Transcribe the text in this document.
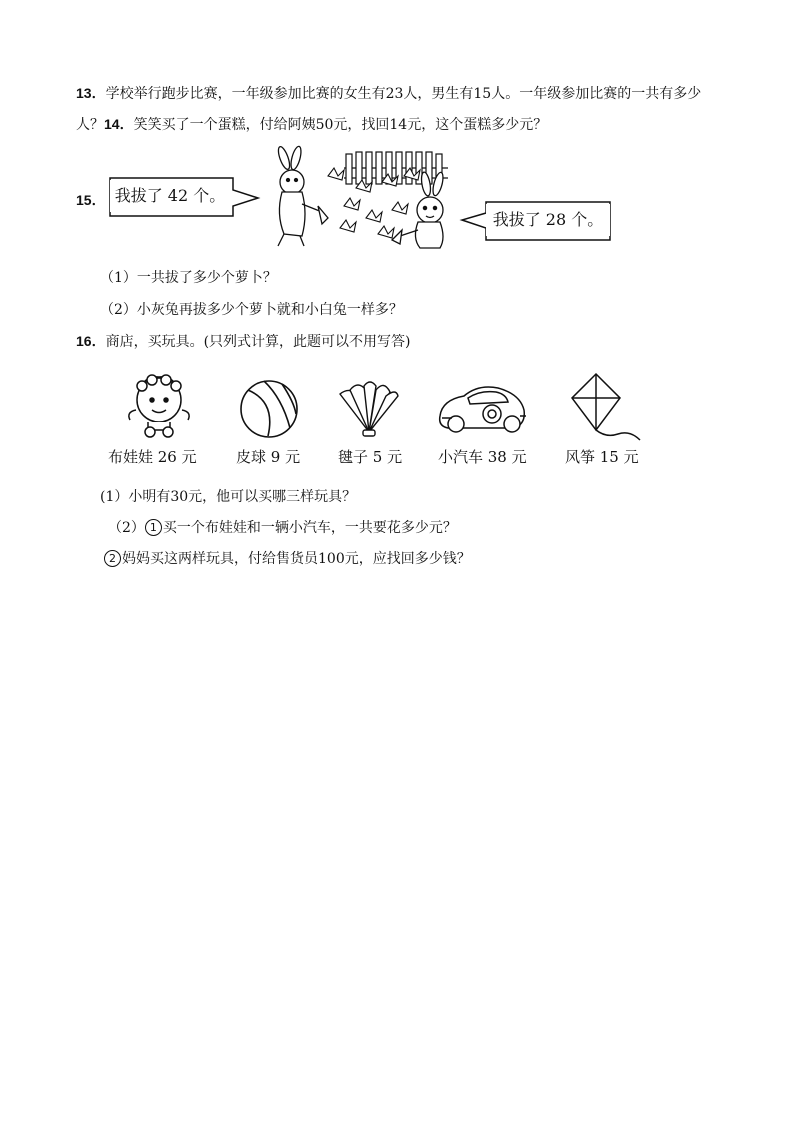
13．学校举行跑步比赛，一年级参加比赛的女生有23人，男生有15人。一年级参加比赛的一共有多少
人？14．笑笑买了一个蛋糕，付给阿姨50元，找回14元，这个蛋糕多少元？
15． 我拔了 42 个。
我拔了 28 个。
（1）一共拔了多少个萝卜？
（2）小灰兔再拔多少个萝卜就和小白兔一样多？
16．商店，买玩具。(只列式计算，此题可以不用写答)
布娃娃 26 元	皮球 9 元	毽子 5 元 小汽车 38 元	风筝 15 元
(1）小明有30元，他可以买哪三样玩具？
（2） 1 买一个布娃娃和一辆小汽车，一共要花多少元？
2 妈妈买这两样玩具，付给售货员100元，应找回多少钱？
